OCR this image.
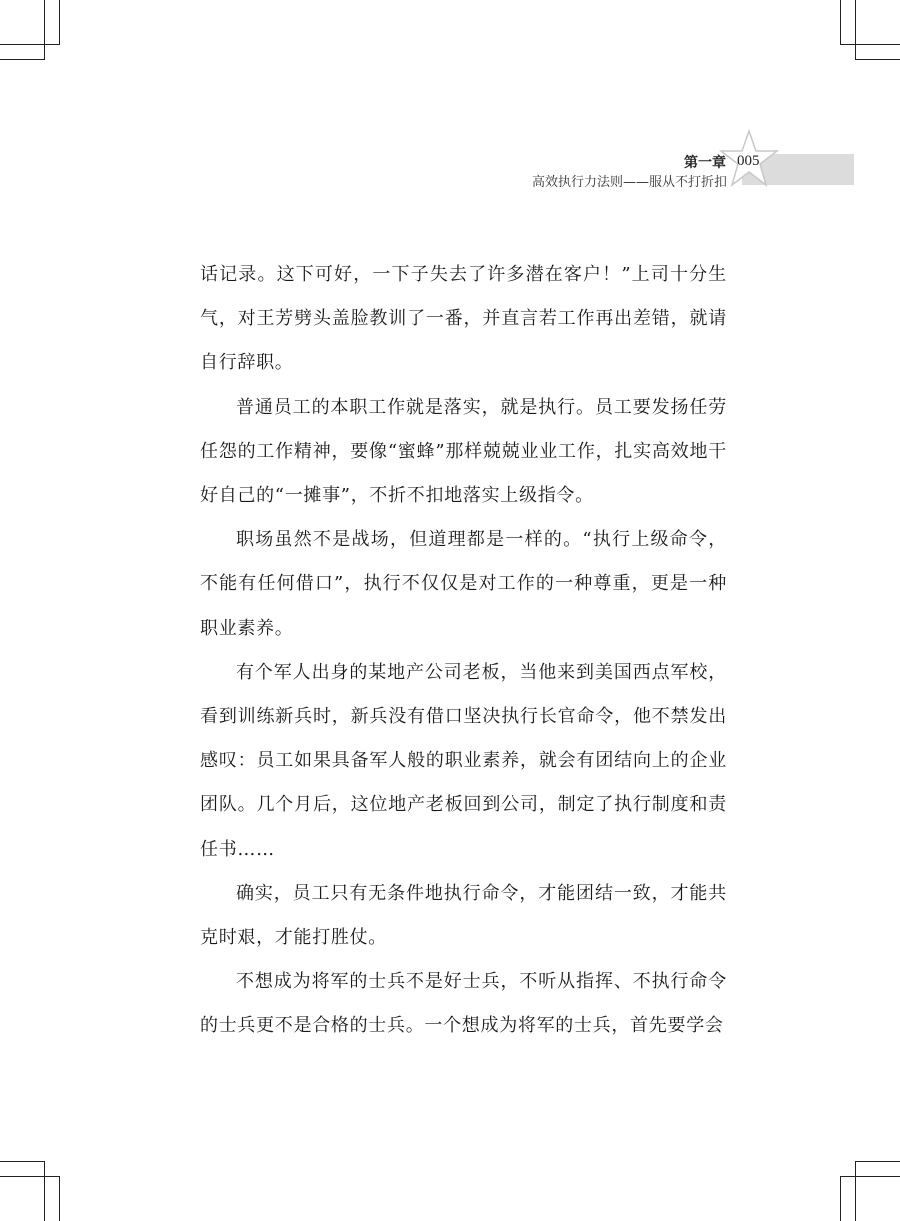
第一章 005
高效执行力法则——服从不打折扣

话记录。这下可好，一下子失去了许多潜在客户！”上司十分生气，对王芳劈头盖脸教训了一番，并直言若工作再出差错，就请自行辞职。

普通员工的本职工作就是落实，就是执行。员工要发扬任劳任怨的工作精神，要像“蜜蜂”那样兢兢业业工作，扎实高效地干好自己的“一摊事”，不折不扣地落实上级指令。

职场虽然不是战场，但道理都是一样的。“执行上级命令，不能有任何借口”，执行不仅仅是对工作的一种尊重，更是一种职业素养。

有个军人出身的某地产公司老板，当他来到美国西点军校，看到训练新兵时，新兵没有借口坚决执行长官命令，他不禁发出感叹：员工如果具备军人般的职业素养，就会有团结向上的企业团队。几个月后，这位地产老板回到公司，制定了执行制度和责任书……

确实，员工只有无条件地执行命令，才能团结一致，才能共克时艰，才能打胜仗。

不想成为将军的士兵不是好士兵，不听从指挥、不执行命令的士兵更不是合格的士兵。一个想成为将军的士兵，首先要学会
